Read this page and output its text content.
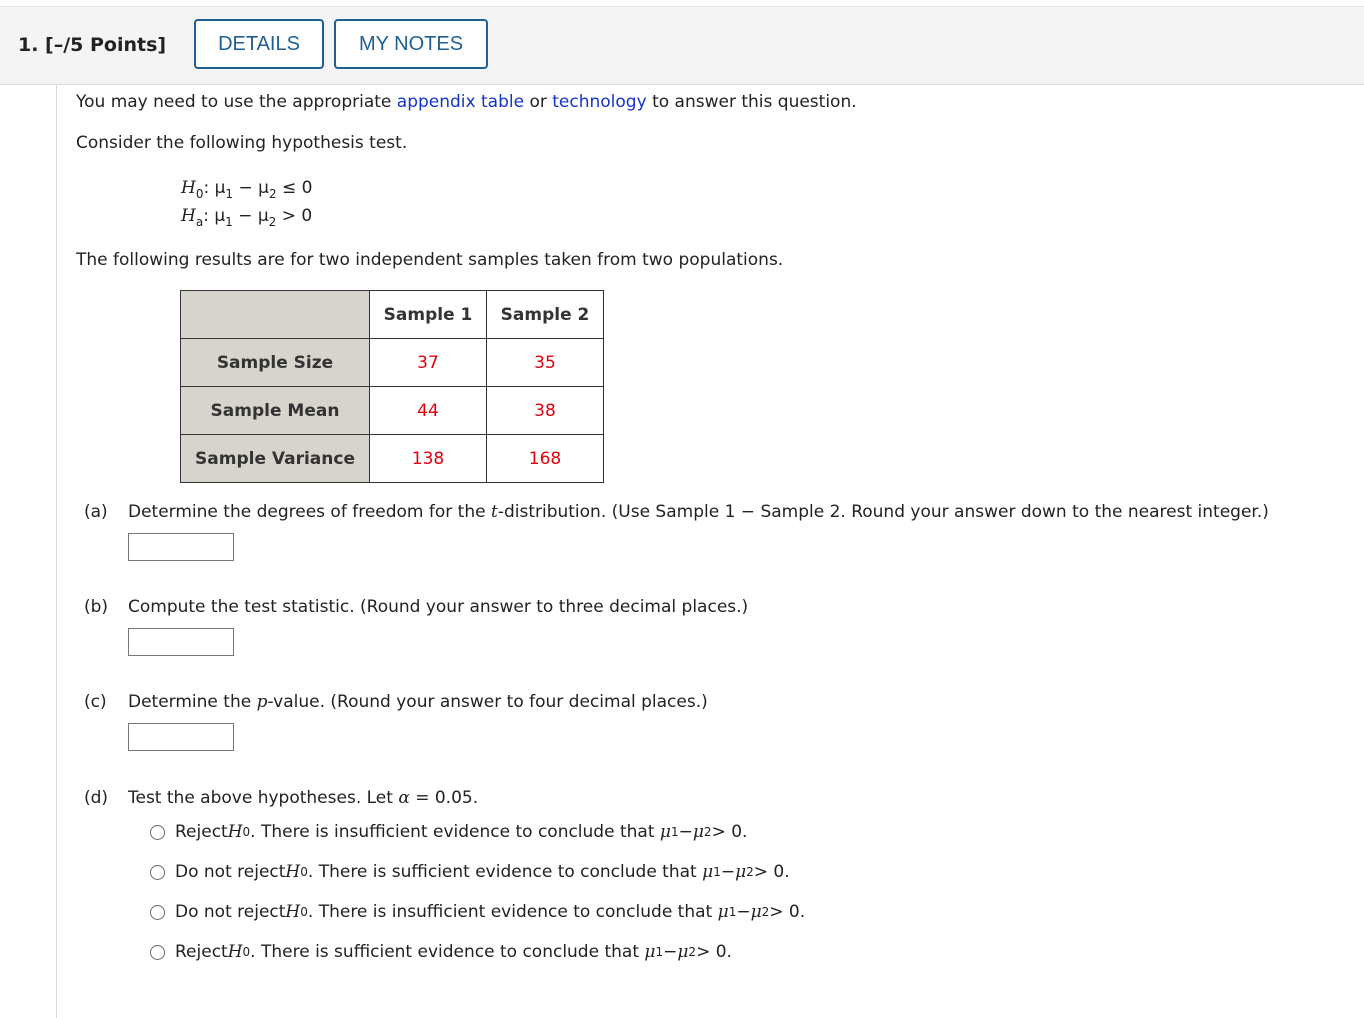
1. [–/5 Points]	DETAILS	MY NOTES
You may need to use the appropriate appendix table or technology to answer this question.
Consider the following hypothesis test.
$H_0$: $\mu_1 - \mu_2 \le 0$
$H_a$: $\mu_1 - \mu_2 > 0$
The following results are for two independent samples taken from two populations.
	Sample 1	Sample 2
Sample Size	37	35
Sample Mean	44	38
Sample Variance	138	168
(a) Determine the degrees of freedom for the t-distribution. (Use Sample 1 − Sample 2. Round your answer down to the nearest integer.)
(b) Compute the test statistic. (Round your answer to three decimal places.)
(c) Determine the p-value. (Round your answer to four decimal places.)
(d) Test the above hypotheses. Let α = 0.05.
Reject H 0 . There is insufficient evidence to conclude that
μ 1 − μ 2 > 0.
Do not reject H 0 . There is sufficient evidence to conclude that
μ 1 − μ 2 > 0.
Do not reject H 0 . There is insufficient evidence to conclude that
μ 1 − μ 2 > 0.
Reject H 0 . There is sufficient evidence to conclude that
μ 1 − μ 2 > 0.
